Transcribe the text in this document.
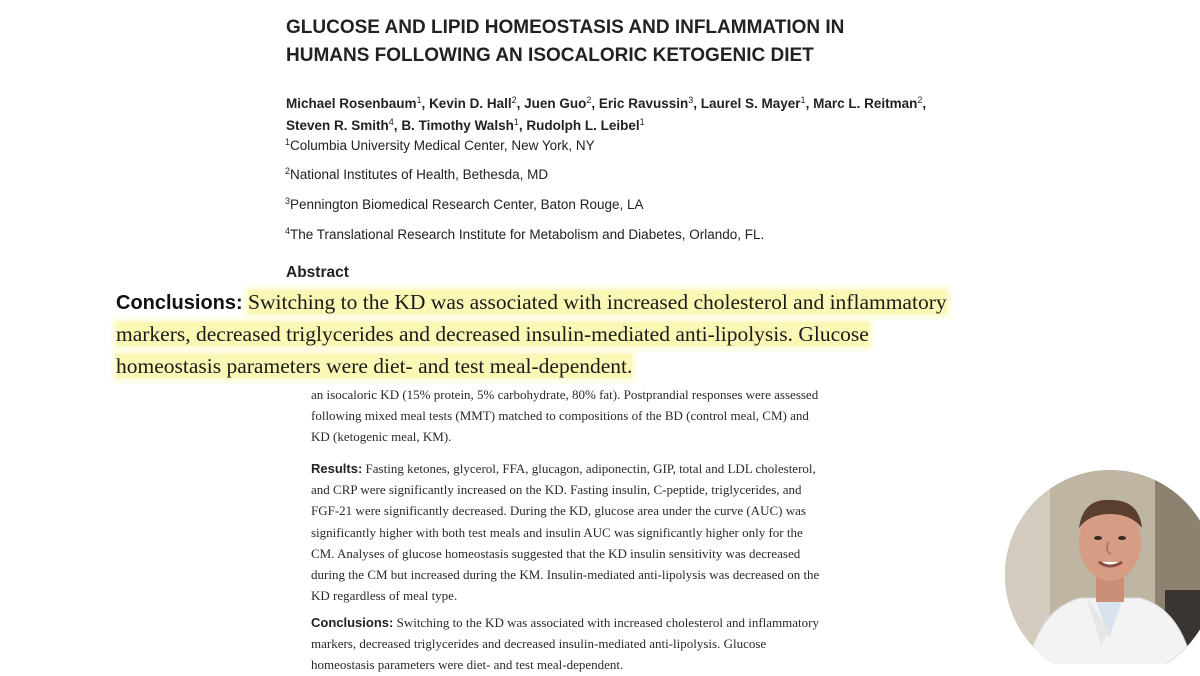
GLUCOSE AND LIPID HOMEOSTASIS AND INFLAMMATION IN
HUMANS FOLLOWING AN ISOCALORIC KETOGENIC DIET
Michael Rosenbaum$^1$, Kevin D. Hall$^2$, Juen Guo$^2$, Eric Ravussin$^3$, Laurel S. Mayer$^1$, Marc L. Reitman$^2$, Steven R. Smith$^4$, B. Timothy Walsh$^1$, Rudolph L. Leibel$^1$
$^1$Columbia University Medical Center, New York, NY
$^2$National Institutes of Health, Bethesda, MD
$^3$Pennington Biomedical Research Center, Baton Rouge, LA
$^4$The Translational Research Institute for Metabolism and Diabetes, Orlando, FL.
Abstract
Conclusions: Switching to the KD was associated with increased cholesterol and inflammatory
markers, decreased triglycerides and decreased insulin-mediated anti-lipolysis. Glucose
homeostasis parameters were diet- and test meal-dependent.
an isocaloric KD (15% protein, 5% carbohydrate, 80% fat). Postprandial responses were assessed
following mixed meal tests (MMT) matched to compositions of the BD (control meal, CM) and
KD (ketogenic meal, KM).
Results: Fasting ketones, glycerol, FFA, glucagon, adiponectin, GIP, total and LDL cholesterol,
and CRP were significantly increased on the KD. Fasting insulin, C-peptide, triglycerides, and
FGF-21 were significantly decreased. During the KD, glucose area under the curve (AUC) was
significantly higher with both test meals and insulin AUC was significantly higher only for the
CM. Analyses of glucose homeostasis suggested that the KD insulin sensitivity was decreased
during the CM but increased during the KM. Insulin-mediated anti-lipolysis was decreased on the
KD regardless of meal type.
Conclusions: Switching to the KD was associated with increased cholesterol and inflammatory
markers, decreased triglycerides and decreased insulin-mediated anti-lipolysis. Glucose
homeostasis parameters were diet- and test meal-dependent.
